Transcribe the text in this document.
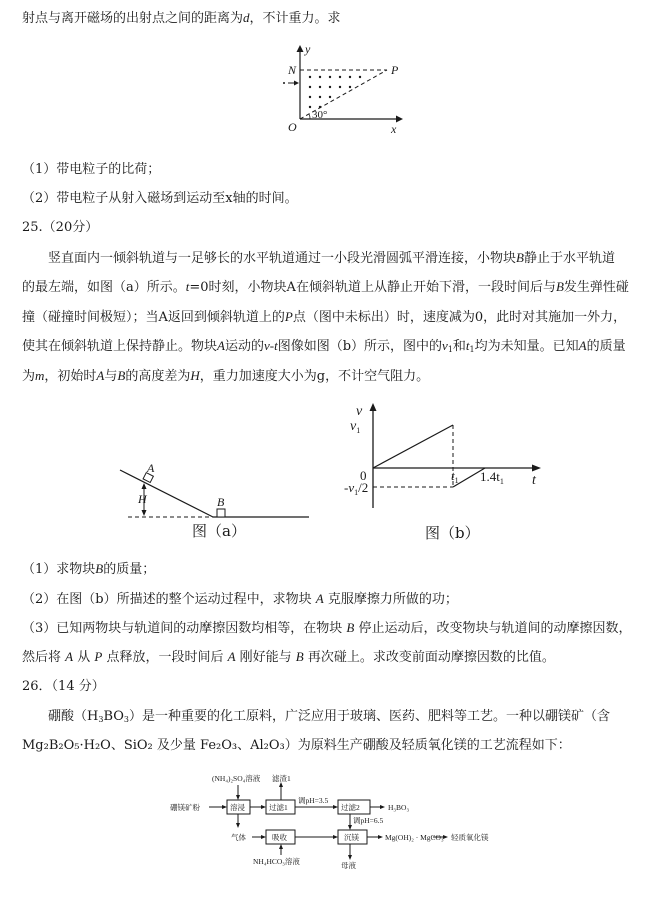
射点与离开磁场的出射点之间的距离为d，不计重力。求
y
N	P
O	x
30°
（1）带电粒子的比荷；
（2）带电粒子从射入磁场到运动至x轴的时间。
25.（20分）
竖直面内一倾斜轨道与一足够长的水平轨道通过一小段光滑圆弧平滑连接，小物块B静止于水平轨道
的最左端，如图（a）所示。t=0时刻，小物块A在倾斜轨道上从静止开始下滑，一段时间后与B发生弹性碰
撞（碰撞时间极短）；当A返回到倾斜轨道上的P点（图中未标出）时，速度减为0，此时对其施加一外力，
使其在倾斜轨道上保持静止。物块A运动的v-t图像如图（b）所示，图中的$v_1$和$t_1$均为未知量。已知A的质量
为m，初始时A与B的高度差为H，重力加速度大小为g，不计空气阻力。
A
H	B
图（a）
v
$v_1$
0
$-v_1/2$
$t_1$ $1.4t_1$ t
图（b）
（1）求物块B的质量；
（2）在图（b）所描述的整个运动过程中，求物块 A 克服摩擦力所做的功；
（3）已知两物块与轨道间的动摩擦因数均相等，在物块 B 停止运动后，改变物块与轨道间的动摩擦因数，
然后将 A 从 P 点释放，一段时间后 A 刚好能与 B 再次碰上。求改变前面动摩擦因数的比值。
26．（14 分）
硼酸$(H_3BO_3)$是一种重要的化工原料，广泛应用于玻璃、医药、肥料等工艺。一种以硼镁矿（含
Mg₂B₂O₅·H₂O、SiO₂ 及少量 Fe₂O₃、Al₂O₃）为原料生产硼酸及轻质氧化镁的工艺流程如下：
(NH₄)₂SO₄溶液 滤渣1
硼镁矿粉	溶浸	过滤1
调pH=3.5
过滤2	H₃BO₃
调pH=6.5
气体	吸收	沉镁	Mg(OH)₂ · MgCO₃ 轻质氧化镁
NH₄HCO₃溶液	母液
